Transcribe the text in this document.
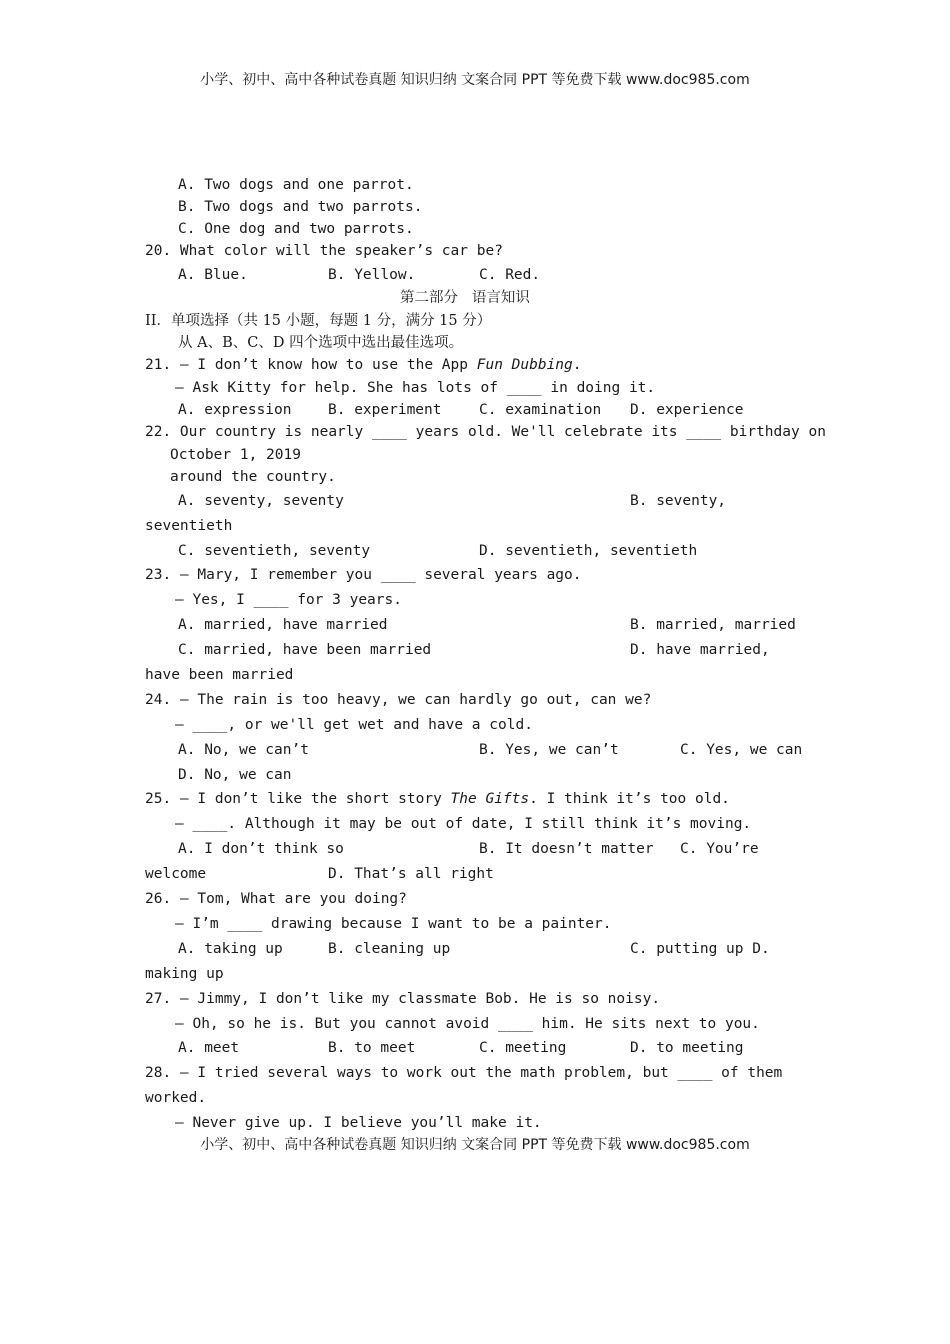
小学、初中、高中各种试卷真题 知识归纳 文案合同 PPT 等免费下载 www.doc985.com
A. Two dogs and one parrot.
B. Two dogs and two parrots.
C. One dog and two parrots.
20. What color will the speaker’s car be?
A. Blue.	B. Yellow.	C. Red.
第二部分   语言知识
II．单项选择（共 15 小题，每题 1 分，满分 15 分）
从 A、B、C、D 四个选项中选出最佳选项。
21. – I don’t know how to use the App Fun Dubbing.
– Ask Kitty for help. She has lots of ____ in doing it.
A. expression	B. experiment	C. examination D. experience
22. Our country is nearly ____ years old. We'll celebrate its ____ birthday on
October 1, 2019
around the country.
A. seventy, seventy	B. seventy,
seventieth
C. seventieth, seventy	D. seventieth, seventieth
23. – Mary, I remember you ____ several years ago.
– Yes, I ____ for 3 years.
A. married, have married	B. married, married
C. married, have been married	D. have married,
have been married
24. – The rain is too heavy, we can hardly go out, can we?
– ____, or we'll get wet and have a cold.
A. No, we can’t	B. Yes, we can’t	C. Yes, we can
D. No, we can
25. – I don’t like the short story The Gifts. I think it’s too old.
– ____. Although it may be out of date, I still think it’s moving.
A. I don’t think so	B. It doesn’t matter C. You’re
welcome	D. That’s all right
26. – Tom, What are you doing?
– I’m ____ drawing because I want to be a painter.
A. taking up	B. cleaning up	C. putting up D.
making up
27. – Jimmy, I don’t like my classmate Bob. He is so noisy.
– Oh, so he is. But you cannot avoid ____ him. He sits next to you.
A. meet	B. to meet	C. meeting	D. to meeting
28. – I tried several ways to work out the math problem, but ____ of them
worked.
– Never give up. I believe you’ll make it.
小学、初中、高中各种试卷真题 知识归纳 文案合同 PPT 等免费下载 www.doc985.com
